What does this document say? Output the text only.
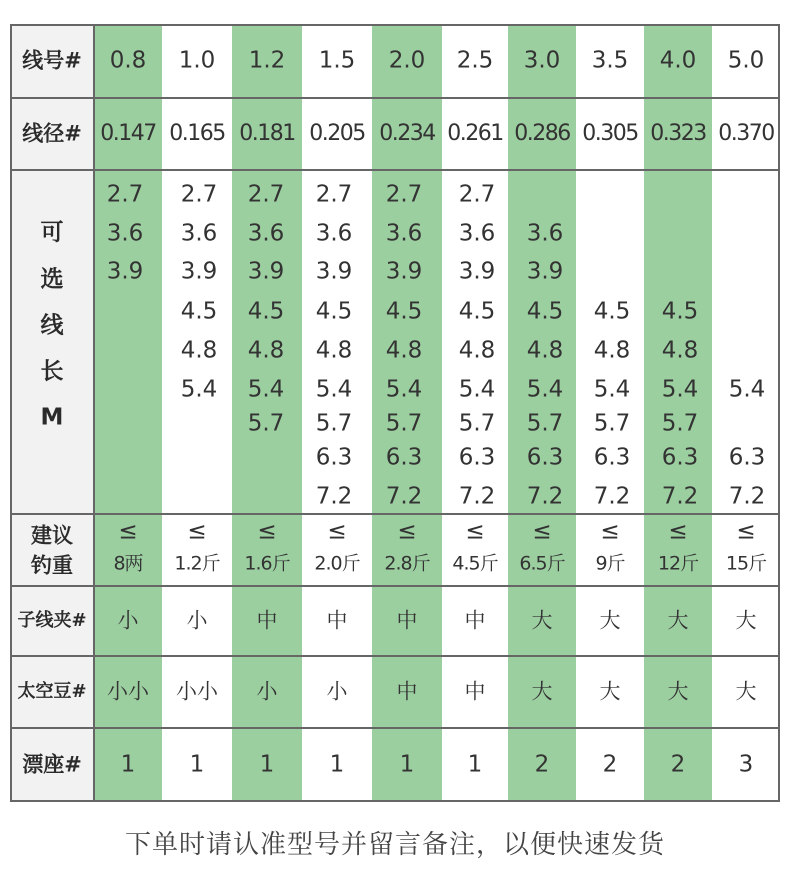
线号#
线径#
可
选
线
长
M
建议
钓重
子线夹#
太空豆#
漂座#
0.8
0.147
2.7
3.6
3.9
≤
8两
小
小小
1
1.0
0.165
2.7
3.6
3.9
4.5
4.8
5.4
≤
1.2斤
小
小小
1
1.2
0.181
2.7
3.6
3.9
4.5
4.8
5.4
5.7
≤
1.6斤
中
小
1
1.5
0.205
2.7
3.6
3.9
4.5
4.8
5.4
5.7
6.3
7.2
≤
2.0斤
中
小
1
2.0
0.234
2.7
3.6
3.9
4.5
4.8
5.4
5.7
6.3
7.2
≤
2.8斤
中
中
1
2.5
0.261
2.7
3.6
3.9
4.5
4.8
5.4
5.7
6.3
7.2
≤
4.5斤
中
中
1
3.0
0.286
3.6
3.9
4.5
4.8
5.4
5.7
6.3
7.2
≤
6.5斤
大
大
2
3.5
0.305
4.5
4.8
5.4
5.7
6.3
7.2
≤
9斤
大
大
2
4.0
0.323
4.5
4.8
5.4
5.7
6.3
7.2
≤
12斤
大
大
2
5.0
0.370
5.4
6.3
7.2
≤
15斤
大
大
3
下单时请认准型号并留言备注，以便快速发货
